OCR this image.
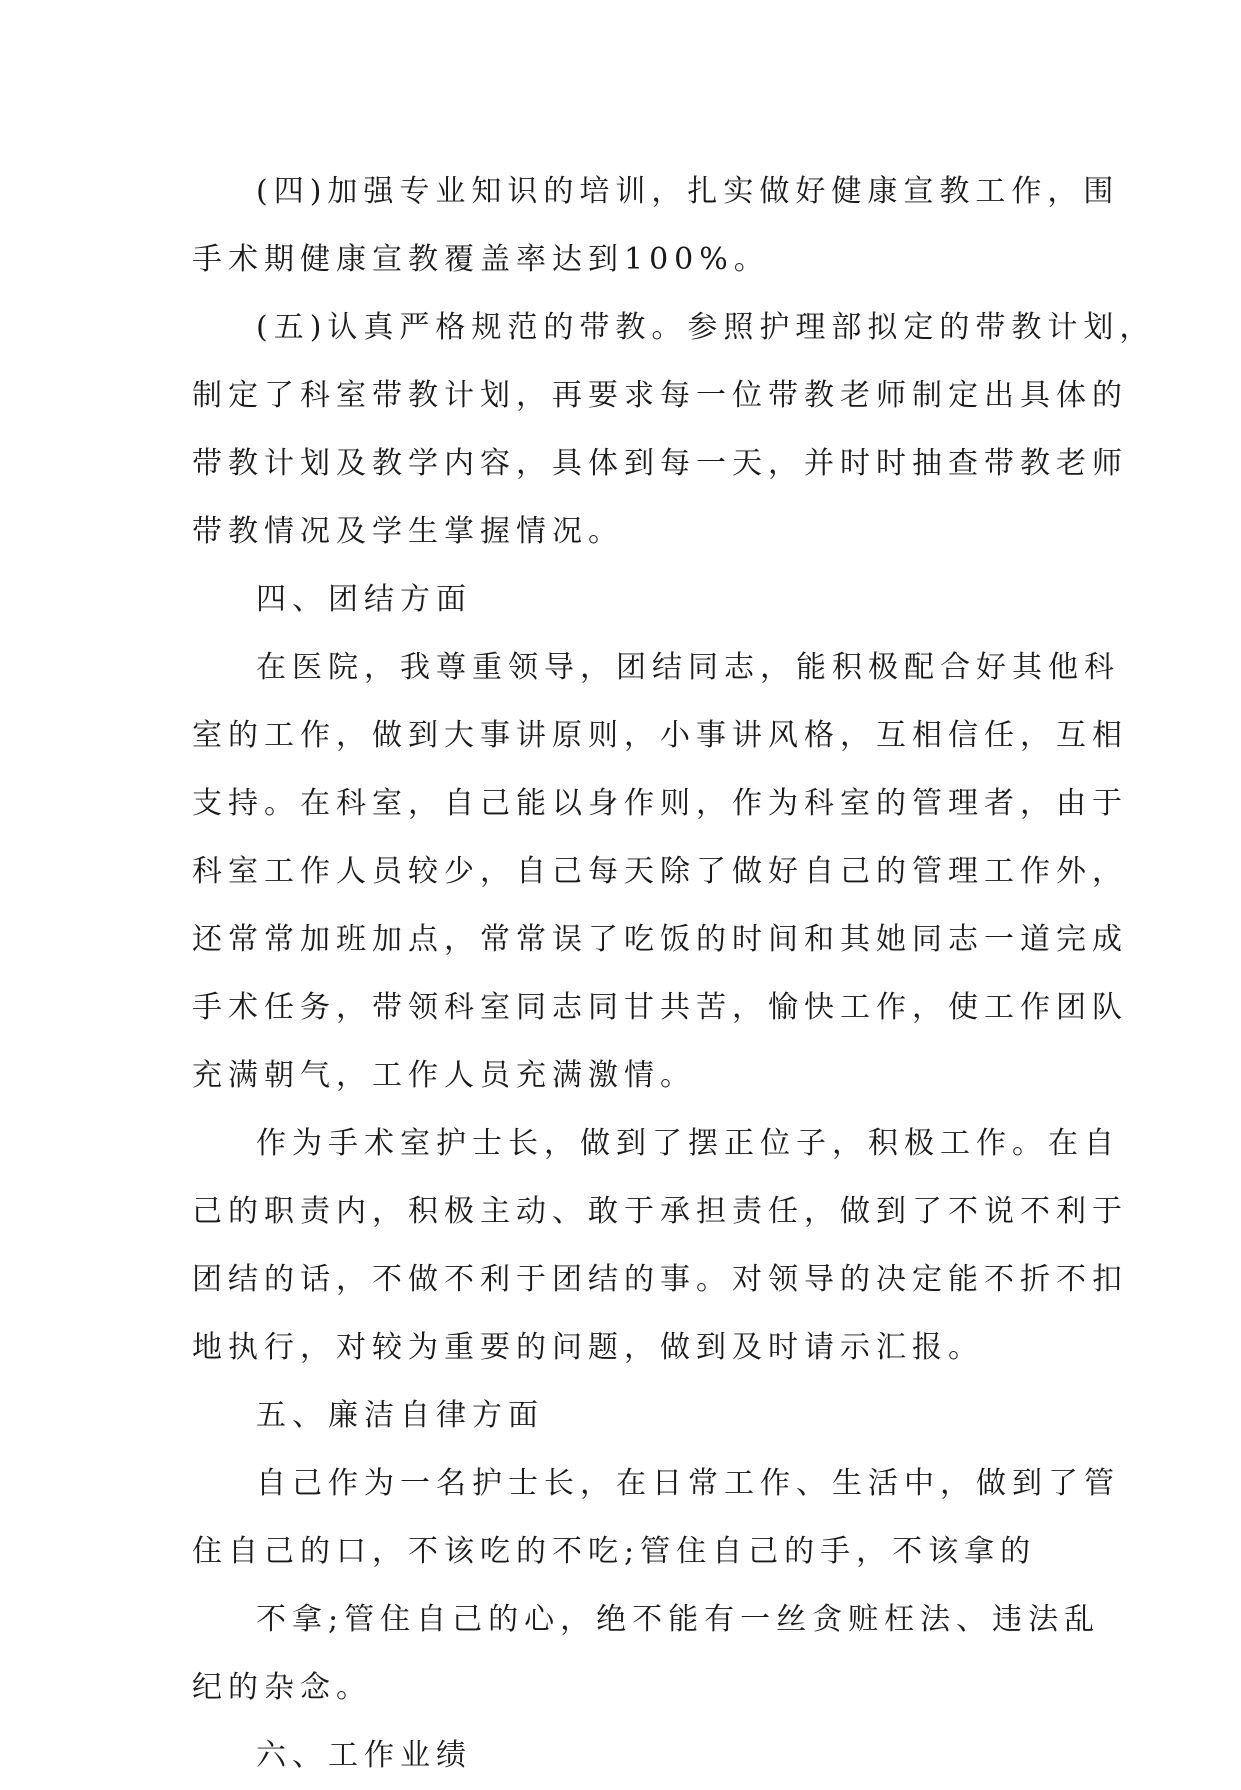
(四)加强专业知识的培训，扎实做好健康宣教工作，围
手术期健康宣教覆盖率达到100%。
(五)认真严格规范的带教。参照护理部拟定的带教计划，
制定了科室带教计划，再要求每一位带教老师制定出具体的
带教计划及教学内容，具体到每一天，并时时抽查带教老师
带教情况及学生掌握情况。
四、团结方面
在医院，我尊重领导，团结同志，能积极配合好其他科
室的工作，做到大事讲原则，小事讲风格，互相信任，互相
支持。在科室，自己能以身作则，作为科室的管理者，由于
科室工作人员较少，自己每天除了做好自己的管理工作外，
还常常加班加点，常常误了吃饭的时间和其她同志一道完成
手术任务，带领科室同志同甘共苦，愉快工作，使工作团队
充满朝气，工作人员充满激情。
作为手术室护士长，做到了摆正位子，积极工作。在自
己的职责内，积极主动、敢于承担责任，做到了不说不利于
团结的话，不做不利于团结的事。对领导的决定能不折不扣
地执行，对较为重要的问题，做到及时请示汇报。
五、廉洁自律方面
自己作为一名护士长，在日常工作、生活中，做到了管
住自己的口，不该吃的不吃;管住自己的手，不该拿的
不拿;管住自己的心，绝不能有一丝贪赃枉法、违法乱
纪的杂念。
六、工作业绩
